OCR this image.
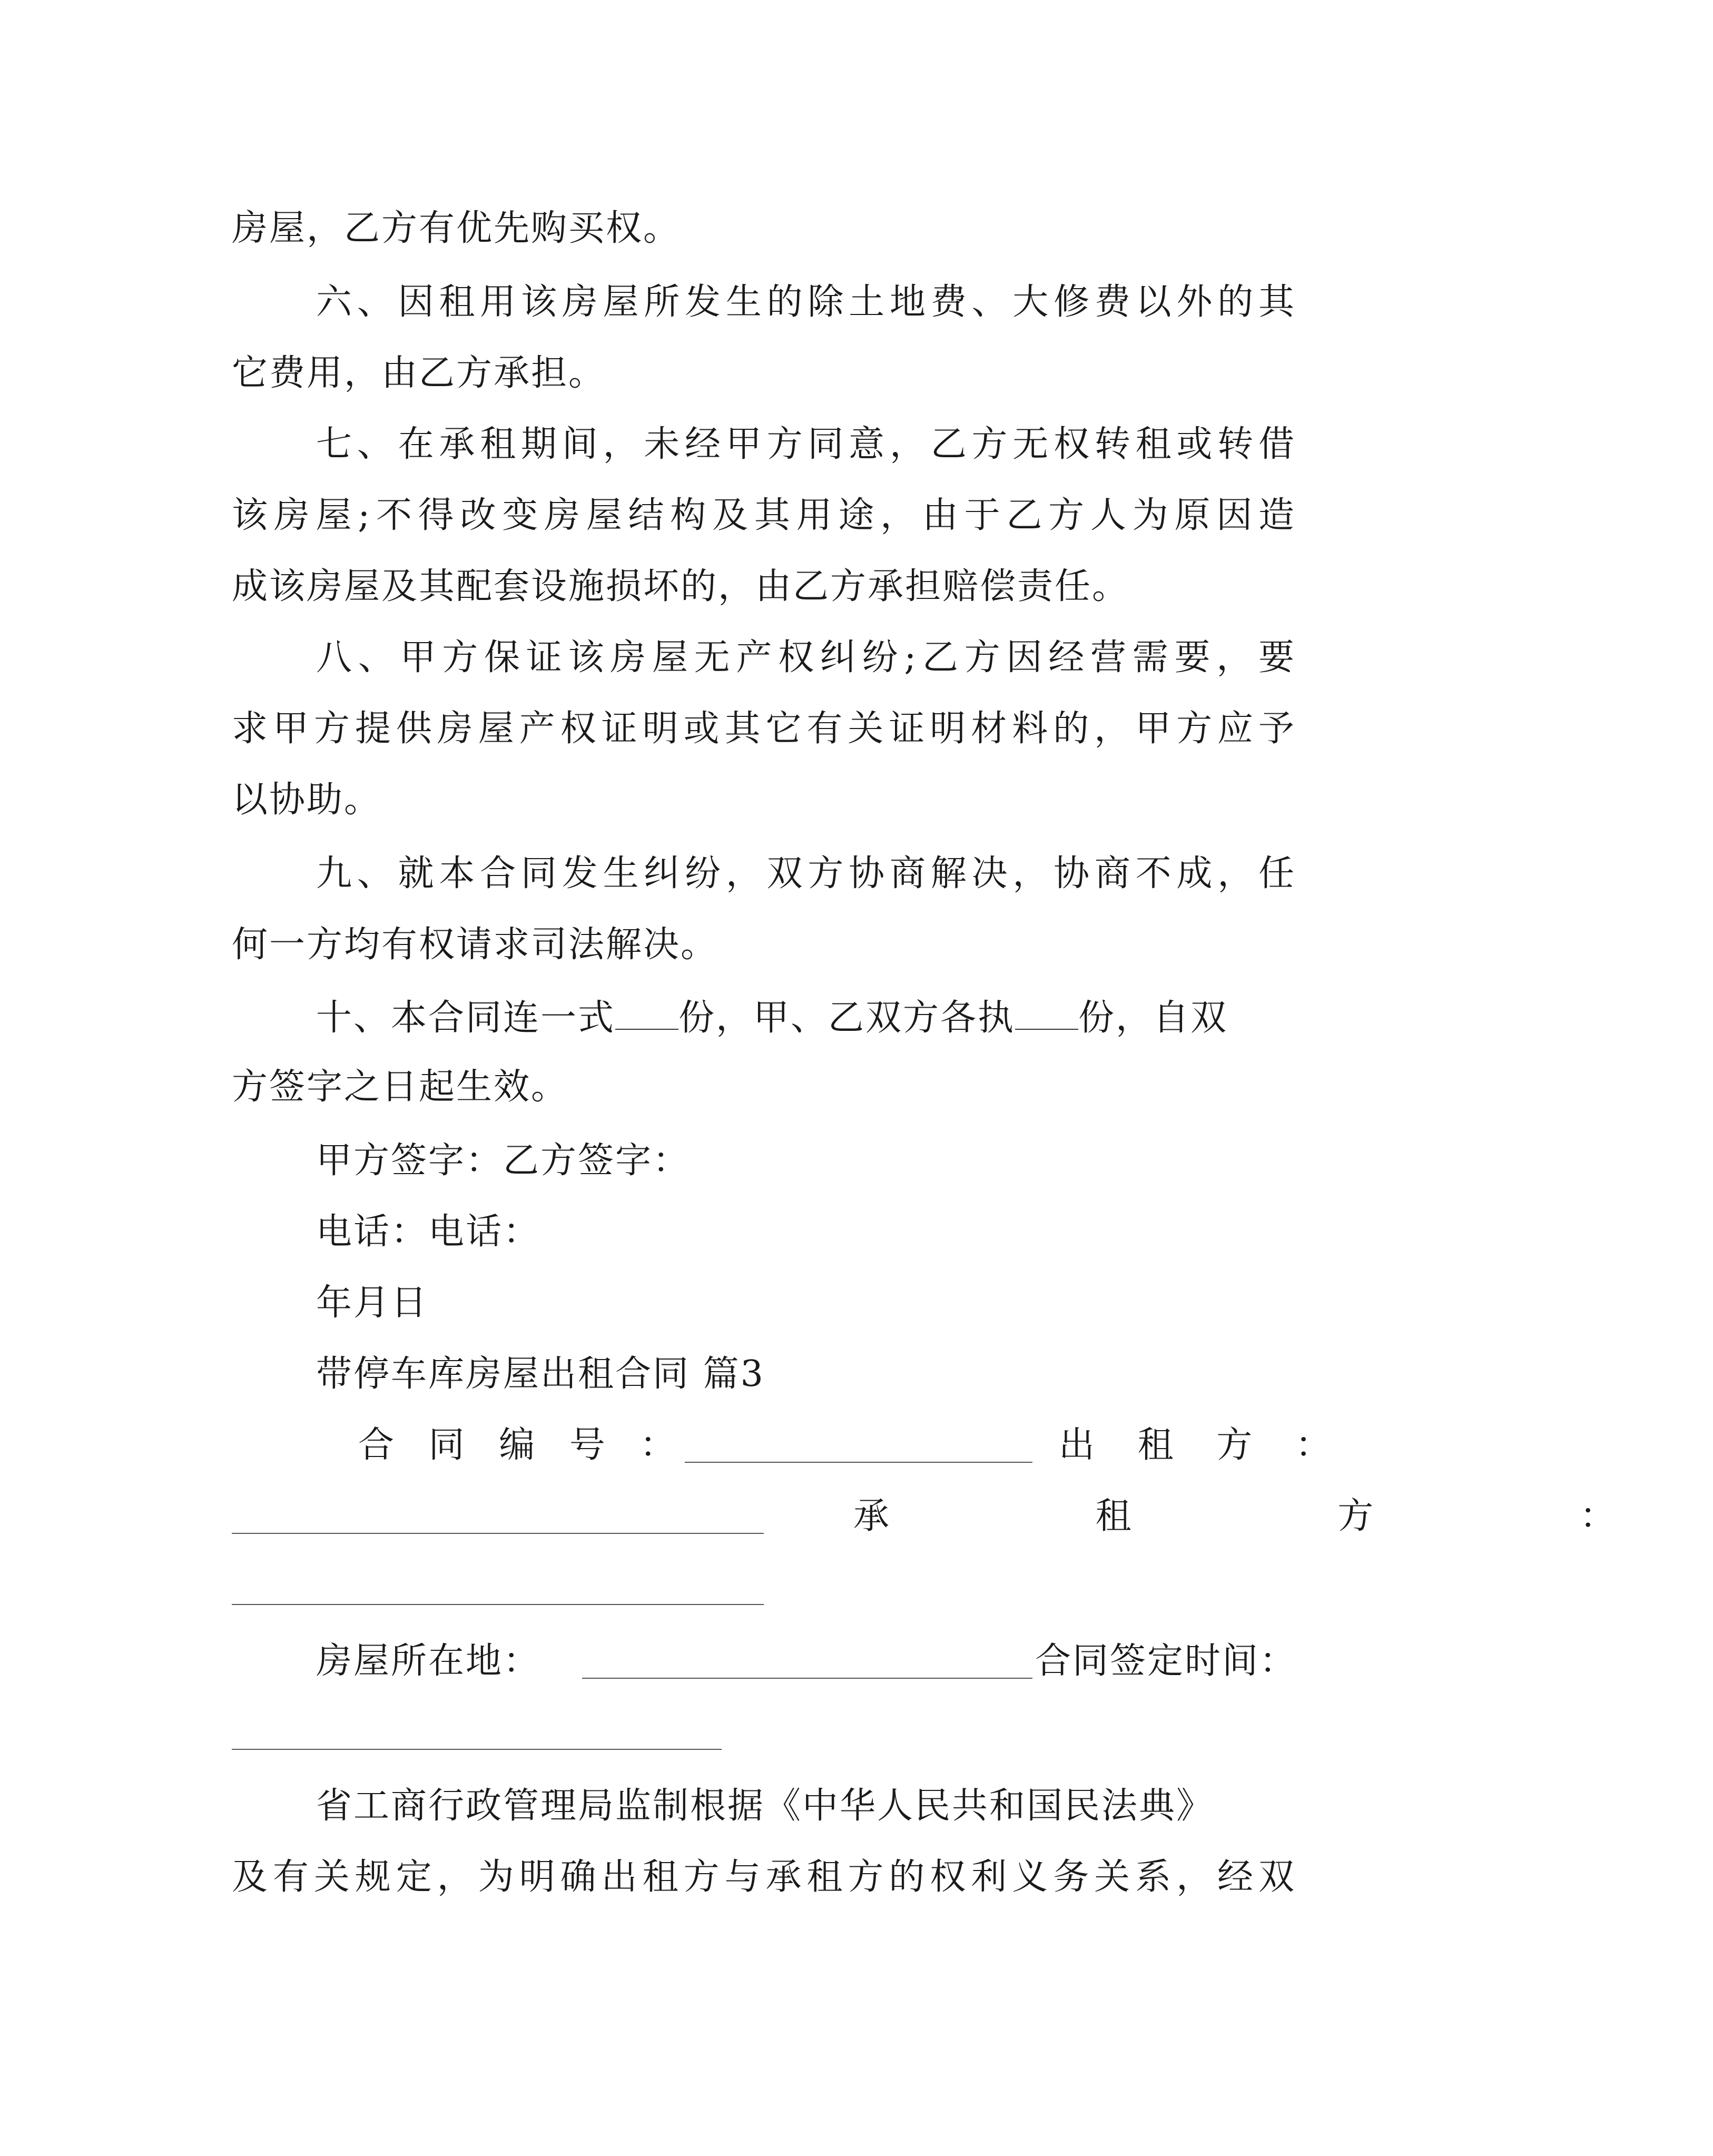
房屋，乙方有优先购买权。
六、因租用该房屋所发生的除土地费、大修费以外的其
它费用，由乙方承担。
七、在承租期间，未经甲方同意，乙方无权转租或转借
该房屋;不得改变房屋结构及其用途，由于乙方人为原因造
成该房屋及其配套设施损坏的，由乙方承担赔偿责任。
八、甲方保证该房屋无产权纠纷;乙方因经营需要，要
求甲方提供房屋产权证明或其它有关证明材料的，甲方应予
以协助。
九、就本合同发生纠纷，双方协商解决，协商不成，任
何一方均有权请求司法解决。
十、本合同连一式 份，甲、乙双方各执 份，自双
方签字之日起生效。
甲方签字：乙方签字：
电话：电话：
年月日
带停车库房屋出租合同 篇3
合 同 编 号 ：	出 租 方 ：
承 租 方 ：
房屋所在地：	合同签定时间：
省工商行政管理局监制根据《中华人民共和国民法典》
及有关规定，为明确出租方与承租方的权利义务关系，经双
